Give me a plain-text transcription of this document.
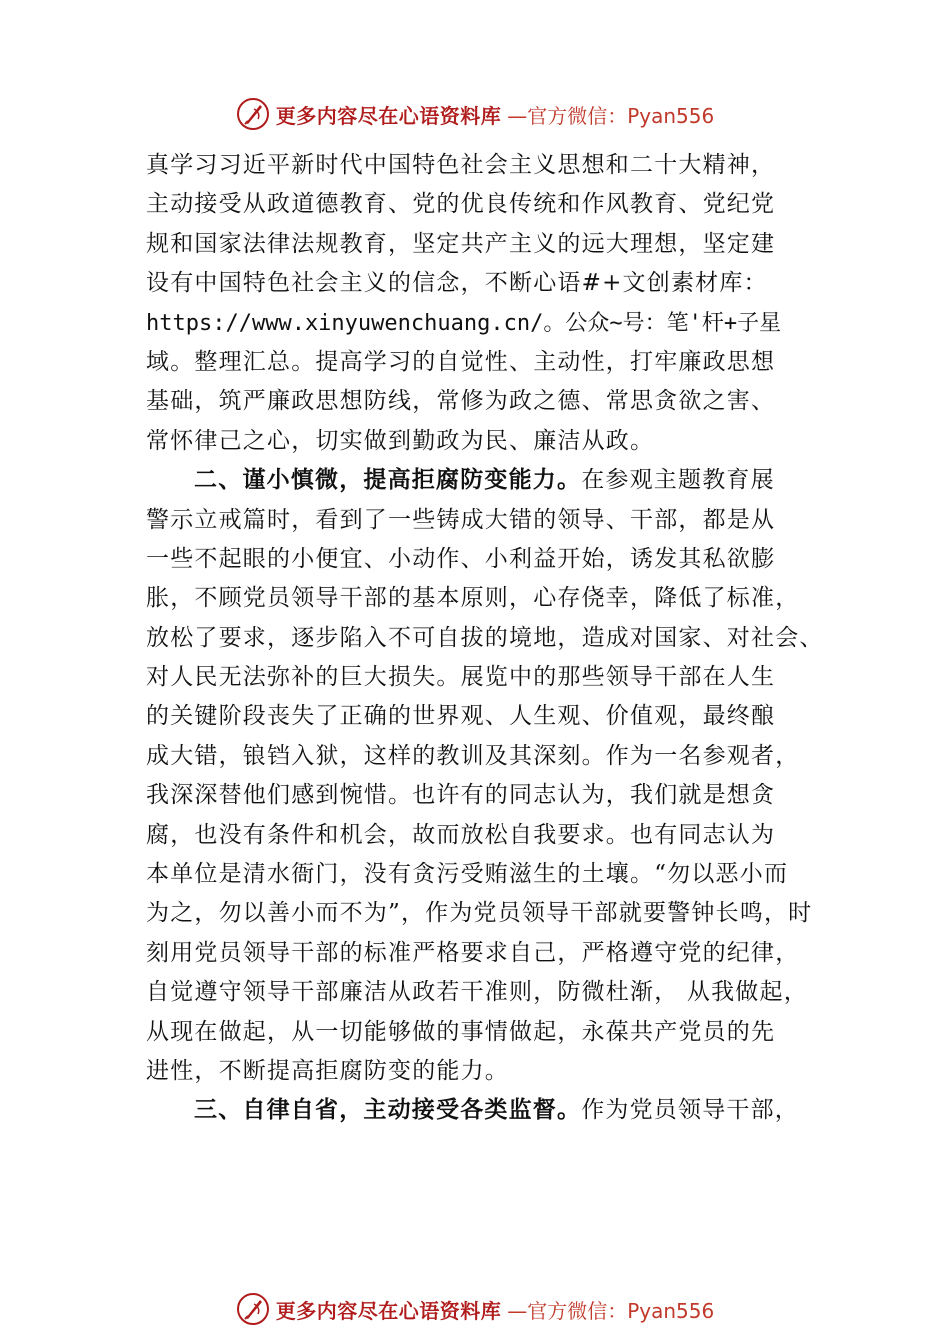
更多内容尽在心语资料库 —官方微信：Pyan556
真学习习近平新时代中国特色社会主义思想和二十大精神，
主动接受从政道德教育、党的优良传统和作风教育、党纪党
规和国家法律法规教育，坚定共产主义的远大理想，坚定建
设有中国特色社会主义的信念，不断心语#+文创素材库：
https://www.xinyuwenchuang.cn/。公众~号：笔'杆+子星
域。整理汇总。提高学习的自觉性、主动性，打牢廉政思想
基础，筑严廉政思想防线，常修为政之德、常思贪欲之害、
常怀律己之心，切实做到勤政为民、廉洁从政。
二、谨小慎微，提高拒腐防变能力。在参观主题教育展
警示立戒篇时，看到了一些铸成大错的领导、干部，都是从
一些不起眼的小便宜、小动作、小利益开始，诱发其私欲膨
胀，不顾党员领导干部的基本原则，心存侥幸，降低了标准，
放松了要求，逐步陷入不可自拔的境地，造成对国家、对社会、
对人民无法弥补的巨大损失。展览中的那些领导干部在人生
的关键阶段丧失了正确的世界观、人生观、价值观，最终酿
成大错，锒铛入狱，这样的教训及其深刻。作为一名参观者，
我深深替他们感到惋惜。也许有的同志认为，我们就是想贪
腐，也没有条件和机会，故而放松自我要求。也有同志认为
本单位是清水衙门，没有贪污受贿滋生的土壤。“勿以恶小而
为之，勿以善小而不为”，作为党员领导干部就要警钟长鸣，时
刻用党员领导干部的标准严格要求自己，严格遵守党的纪律，
自觉遵守领导干部廉洁从政若干准则，防微杜渐， 从我做起，
从现在做起，从一切能够做的事情做起，永葆共产党员的先
进性，不断提高拒腐防变的能力。
三、自律自省，主动接受各类监督。作为党员领导干部，
更多内容尽在心语资料库 —官方微信：Pyan556
